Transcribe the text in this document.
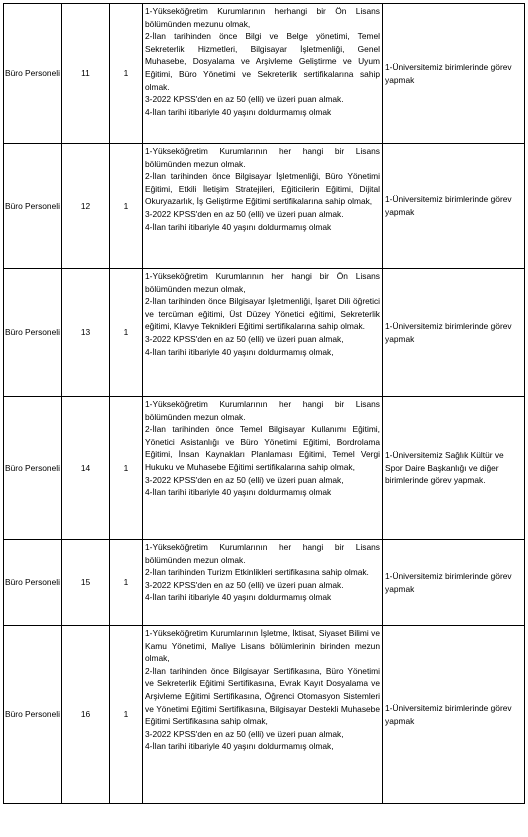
Büro Personeli	11	1	1-Yükseköğretim Kurumlarının herhangi bir Ön Lisans bölümünden mezunu olmak,
2-İlan tarihinden önce Bilgi ve Belge yönetimi, Temel Sekreterlik Hizmetleri, Bilgisayar İşletmenliği, Genel Muhasebe, Dosyalama ve Arşivleme Geliştirme ve Uyum Eğitimi, Büro Yönetimi ve Sekreterlik sertifikalarına sahip olmak.
3-2022 KPSS'den en az 50 (elli) ve üzeri puan almak.
4-İlan tarihi itibariyle 40 yaşını doldurmamış olmak	1-Üniversitemiz birimlerinde görev yapmak
Büro Personeli	12	1	1-Yükseköğretim Kurumlarının her hangi bir Lisans bölümünden mezun olmak.
2-İlan tarihinden önce Bilgisayar İşletmenliği, Büro Yönetimi Eğitimi, Etkili İletişim Stratejileri, Eğiticilerin Eğitimi, Dijital Okuryazarlık, İş Geliştirme Eğitimi sertifikalarına sahip olmak,
3-2022 KPSS'den en az 50 (elli) ve üzeri puan almak.
4-İlan tarihi itibariyle 40 yaşını doldurmamış olmak	1-Üniversitemiz birimlerinde görev yapmak
Büro Personeli	13	1	1-Yükseköğretim Kurumlarının her hangi bir Ön Lisans bölümünden mezun olmak,
2-İlan tarihinden önce Bilgisayar İşletmenliği, İşaret Dili öğretici ve tercüman eğitimi, Üst Düzey Yönetici eğitimi, Sekreterlik eğitimi, Klavye Teknikleri Eğitimi sertifikalarına sahip olmak.
3-2022 KPSS'den en az 50 (elli) ve üzeri puan almak,
4-İlan tarihi itibariyle 40 yaşını doldurmamış olmak,	1-Üniversitemiz birimlerinde görev yapmak
Büro Personeli	14	1	1-Yükseköğretim Kurumlarının her hangi bir Lisans bölümünden mezun olmak.
2-İlan tarihinden önce Temel Bilgisayar Kullanımı Eğitimi, Yönetici Asistanlığı ve Büro Yönetimi Eğitimi, Bordrolama Eğitimi, İnsan Kaynakları Planlaması Eğitimi, Temel Vergi Hukuku ve Muhasebe Eğitimi sertifikalarına sahip olmak,
3-2022 KPSS'den en az 50 (elli) ve üzeri puan almak,
4-İlan tarihi itibariyle 40 yaşını doldurmamış olmak	1-Üniversitemiz Sağlık Kültür ve Spor Daire Başkanlığı ve diğer birimlerinde görev yapmak.
Büro Personeli	15	1	1-Yükseköğretim Kurumlarının her hangi bir Lisans bölümünden mezun olmak.
2-İlan tarihinden Turizm Etkinlikleri sertifikasına sahip olmak.
3-2022 KPSS'den en az 50 (elli) ve üzeri puan almak.
4-İlan tarihi itibariyle 40 yaşını doldurmamış olmak	1-Üniversitemiz birimlerinde görev yapmak
Büro Personeli	16	1	1-Yükseköğretim Kurumlarının İşletme, İktisat, Siyaset Bilimi ve Kamu Yönetimi, Maliye Lisans bölümlerinin birinden mezun olmak,
2-İlan tarihinden önce Bilgisayar Sertifikasına, Büro Yönetimi ve Sekreterlik Eğitimi Sertifikasına, Evrak Kayıt Dosyalama ve Arşivleme Eğitimi Sertifikasına, Öğrenci Otomasyon Sistemleri ve Yönetimi Eğitimi Sertifikasına, Bilgisayar Destekli Muhasebe Eğitimi Sertifikasına sahip olmak,
3-2022 KPSS'den en az 50 (elli) ve üzeri puan almak,
4-İlan tarihi itibariyle 40 yaşını doldurmamış olmak,	1-Üniversitemiz birimlerinde görev yapmak
